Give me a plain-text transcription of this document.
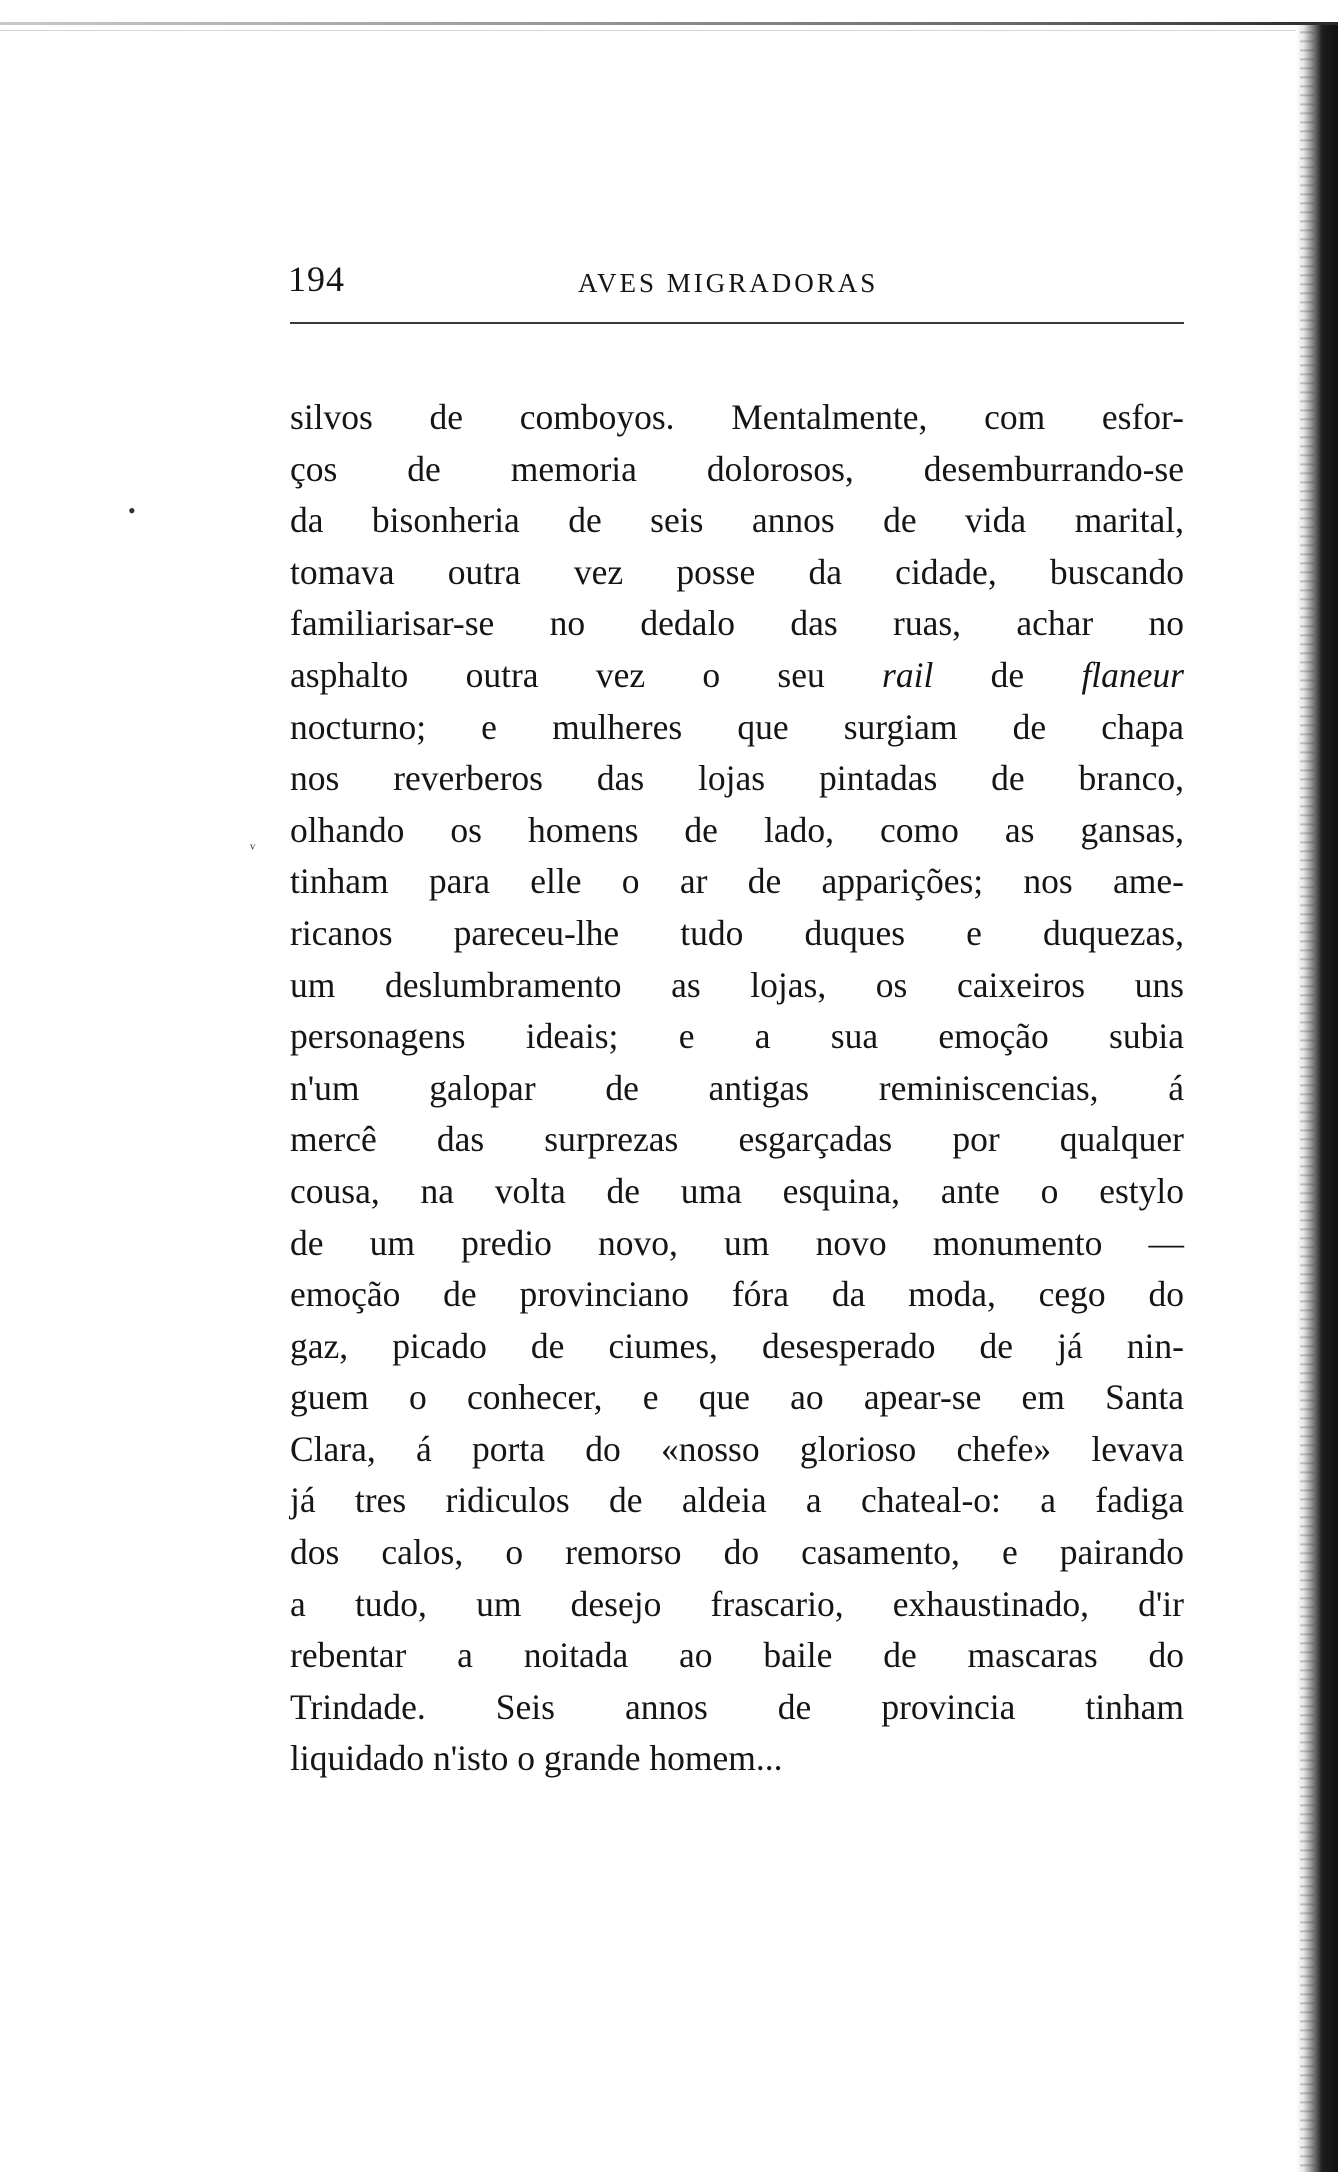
194	AVES MIGRADORAS
•
ᵥ
silvos de comboyos. Mentalmente, com esfor-
ços de memoria dolorosos, desemburrando-se
da bisonheria de seis annos de vida marital,
tomava outra vez posse da cidade, buscando
familiarisar-se no dedalo das ruas, achar no
asphalto outra vez o seu rail de flaneur
nocturno; e mulheres que surgiam de chapa
nos reverberos das lojas pintadas de branco,
olhando os homens de lado, como as gansas,
tinham para elle o ar de apparições; nos ame-
ricanos pareceu-lhe tudo duques e duquezas,
um deslumbramento as lojas, os caixeiros uns
personagens ideais; e a sua emoção subia
n'um galopar de antigas reminiscencias, á
mercê das surprezas esgarçadas por qualquer
cousa, na volta de uma esquina, ante o estylo
de um predio novo, um novo monumento —
emoção de provinciano fóra da moda, cego do
gaz, picado de ciumes, desesperado de já nin-
guem o conhecer, e que ao apear-se em Santa
Clara, á porta do «nosso glorioso chefe» levava
já tres ridiculos de aldeia a chateal-o: a fadiga
dos calos, o remorso do casamento, e pairando
a tudo, um desejo frascario, exhaustinado, d'ir
rebentar a noitada ao baile de mascaras do
Trindade. Seis annos de provincia tinham
liquidado n'isto o grande homem...
